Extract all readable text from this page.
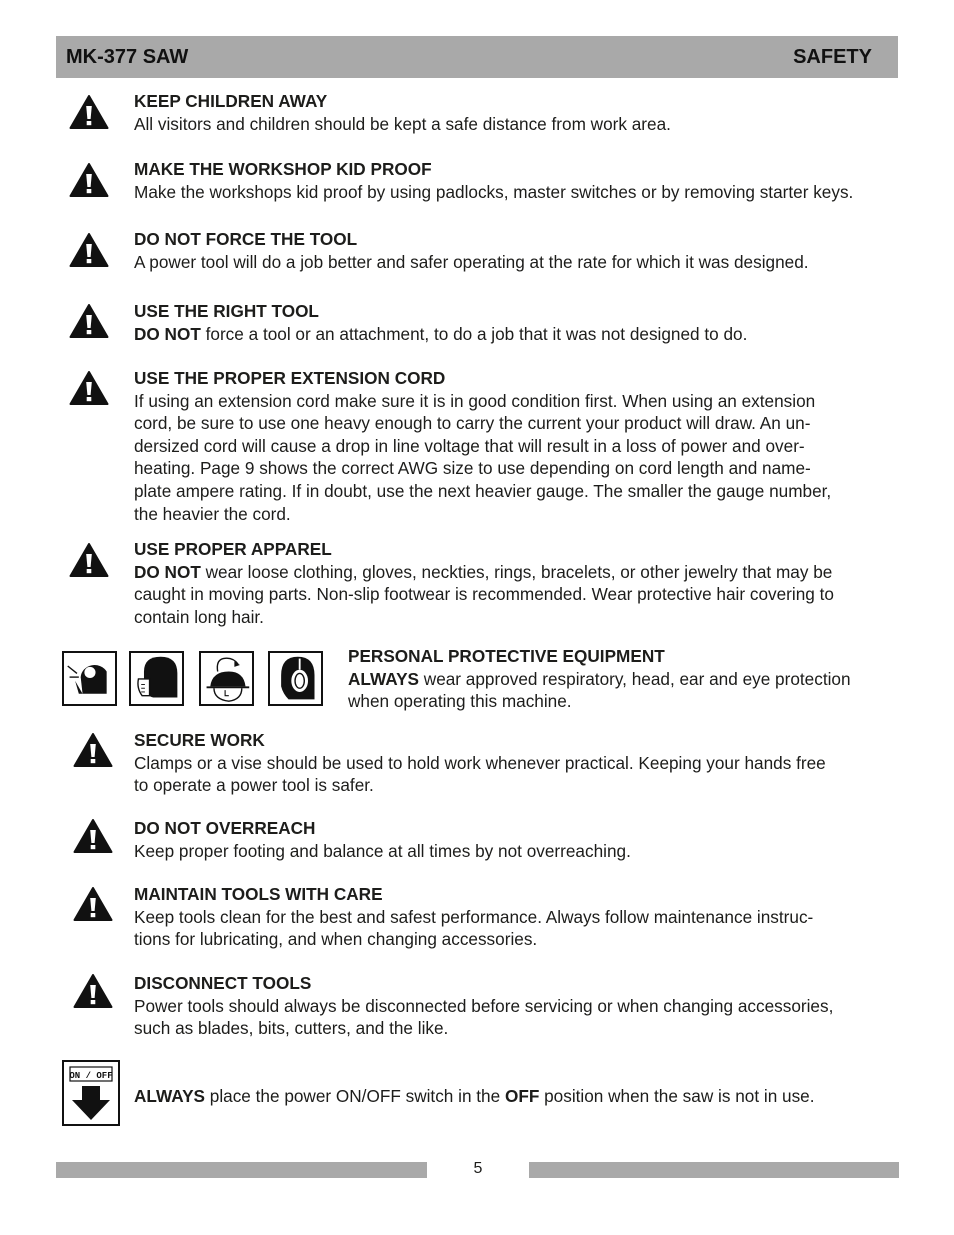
MK-377 SAW	SAFETY
KEEP CHILDREN AWAY
All visitors and children should be kept a safe distance from work area.
MAKE THE WORKSHOP KID PROOF
Make the workshops kid proof by using padlocks, master switches or by removing starter keys.
DO NOT FORCE THE TOOL
A power tool will do a job better and safer operating at the rate for which it was designed.
USE THE RIGHT TOOL
DO NOT force a tool or an attachment, to do a job that it was not designed to do.
USE THE PROPER EXTENSION CORD
If using an extension cord make sure it is in good condition first. When using an extension
cord, be sure to use one heavy enough to carry the current your product will draw. An un-
dersized cord will cause a drop in line voltage that will result in a loss of power and over-
heating. Page 9 shows the correct AWG size to use depending on cord length and name-
plate ampere rating. If in doubt, use the next heavier gauge. The smaller the gauge number,
the heavier the cord.
USE PROPER APPAREL
DO NOT wear loose clothing, gloves, neckties, rings, bracelets, or other jewelry that may be
caught in moving parts. Non-slip footwear is recommended. Wear protective hair covering to
contain long hair.
PERSONAL PROTECTIVE EQUIPMENT
ALWAYS wear approved respiratory, head, ear and eye protection
when operating this machine.
SECURE WORK
Clamps or a vise should be used to hold work whenever practical. Keeping your hands free
to operate a power tool is safer.
DO NOT OVERREACH
Keep proper footing and balance at all times by not overreaching.
MAINTAIN TOOLS WITH CARE
Keep tools clean for the best and safest performance. Always follow maintenance instruc-
tions for lubricating, and when changing accessories.
DISCONNECT TOOLS
Power tools should always be disconnected before servicing or when changing accessories,
such as blades, bits, cutters, and the like.
ON / OFF
ALWAYS place the power ON/OFF switch in the OFF position when the saw is not in use.
5
